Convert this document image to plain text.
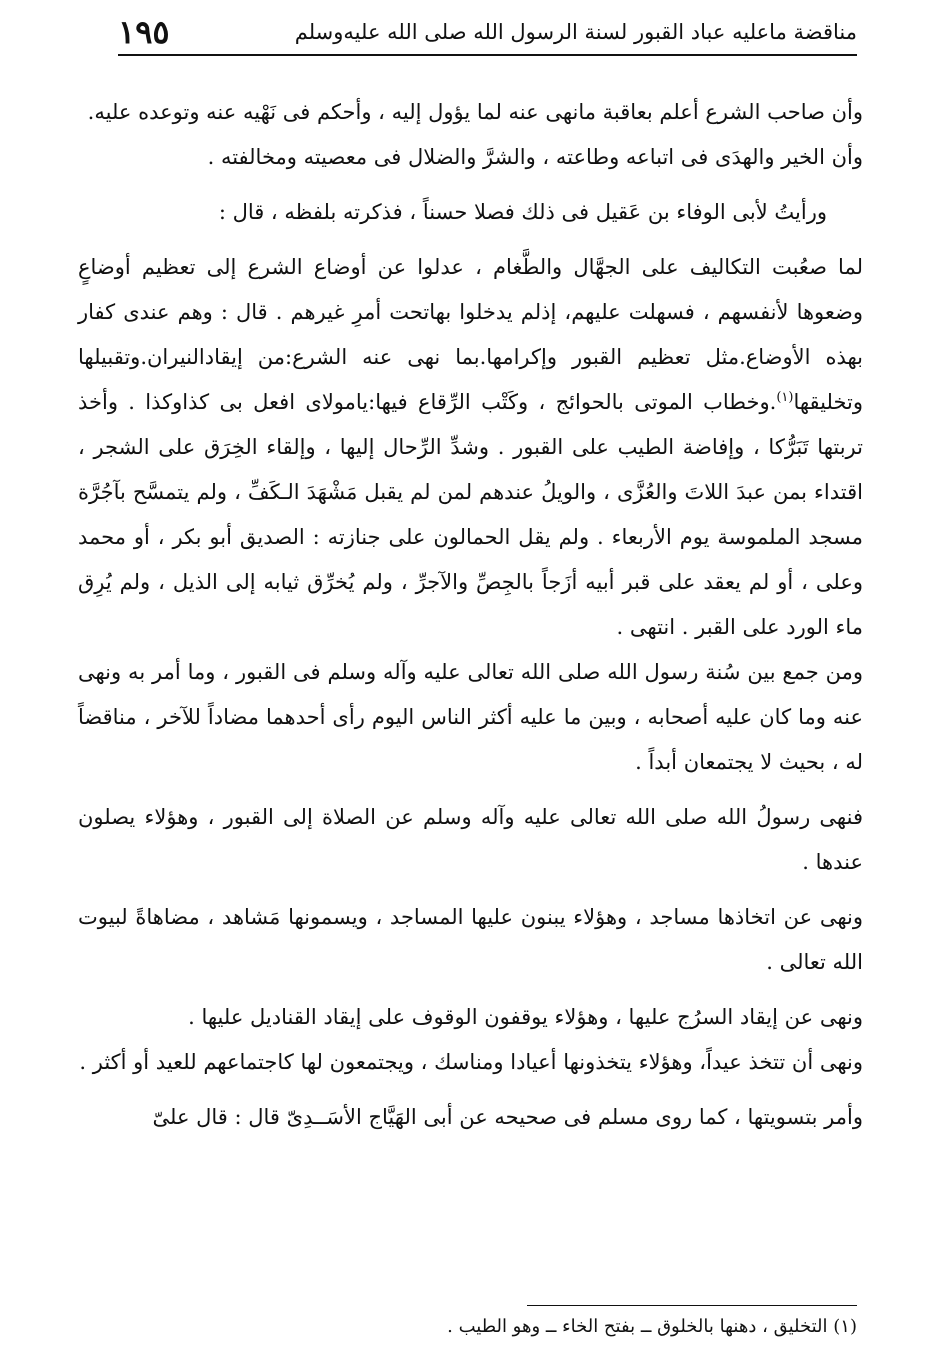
مناقضة ماعليه عباد القبور لسنة الرسول الله صلى الله عليه‌وسلم
١٩٥

وأن صاحب الشرع أعلم بعاقبة مانهى عنه لما يؤول إليه ، وأحكم فى نَهْيه عنه وتوعده عليه.

وأن الخير والهدَى فى اتباعه وطاعته ، والشرَّ والضلال فى معصيته ومخالفته .

ورأيتُ لأبى الوفاء بن عَقيل فى ذلك فصلا حسناً ، فذكرته بلفظه ، قال :

لما صعُبت التكاليف على الجهَّال والطَّغام ، عدلوا عن أوضاع الشرع إلى تعظيم أوضاعٍ وضعوها لأنفسهم ، فسهلت عليهم، إذلم يدخلوا بهاتحت أمرِ غيرهم . قال : وهم عندى كفار بهذه الأوضاع.مثل تعظيم القبور وإكرامها.بما نهى عنه الشرع:من إيقادالنيران.وتقبيلها وتخليقها$^{(١)}$.وخطاب الموتى بالحوائج ، وكَتْب الرِّقاع فيها:ياموﻻى افعل بى كذاوكذا . وأخذ تربتها تَبَرُّكا ، وإفاضة الطيب على القبور . وشدِّ الرِّحال إليها ، وإلقاء الخِرَق على الشجر ، اقتداء بمن عبدَ اللاتَ والعُزَّى ، والويلُ عندهم لمن لم يقبل مَشْهَدَ الـكَفِّ ، ولم يتمسَّح بآجُرَّة مسجد الملموسة يوم الأربعاء . ولم يقل الحمالون على جنازته : الصديق أبو بكر ، أو محمد وعلى ، أو لم يعقد على قبر أبيه أزَجاً بالجِصِّ والآجرِّ ، ولم يُخرِّق ثيابه إلى الذيل ، ولم يُرِق ماء الورد على القبر . انتهى .

ومن جمع بين سُنة رسول الله صلى الله تعالى عليه وآله وسلم فى القبور ، وما أمر به ونهى عنه وما كان عليه أصحابه ، وبين ما عليه أكثر الناس اليوم رأى أحدهما مضاداً للآخر ، مناقضاً له ، بحيث لا يجتمعان أبداً .

فنهى رسولُ الله صلى الله تعالى عليه وآله وسلم عن الصلاة إلى القبور ، وهؤلاء يصلون عندها .

ونهى عن اتخاذها مساجد ، وهؤلاء يبنون عليها المساجد ، ويسمونها مَشاهد ، مضاهاةً لبيوت الله تعالى .

ونهى عن إيقاد السرُج عليها ، وهؤلاء يوقفون الوقوف على إيقاد القناديل عليها .

ونهى أن تتخذ عيداً، وهؤلاء يتخذونها أعيادا ومناسك ، ويجتمعون لها كاجتماعهم للعيد أو أكثر .

وأمر بتسويتها ، كما روى مسلم فى صحيحه عن أبى الهَيَّاج الأسَــدِىّ قال : قال علىّ

(١) التخليق ، دهنها بالخلوق ــ بفتح الخاء ــ وهو الطيب .
